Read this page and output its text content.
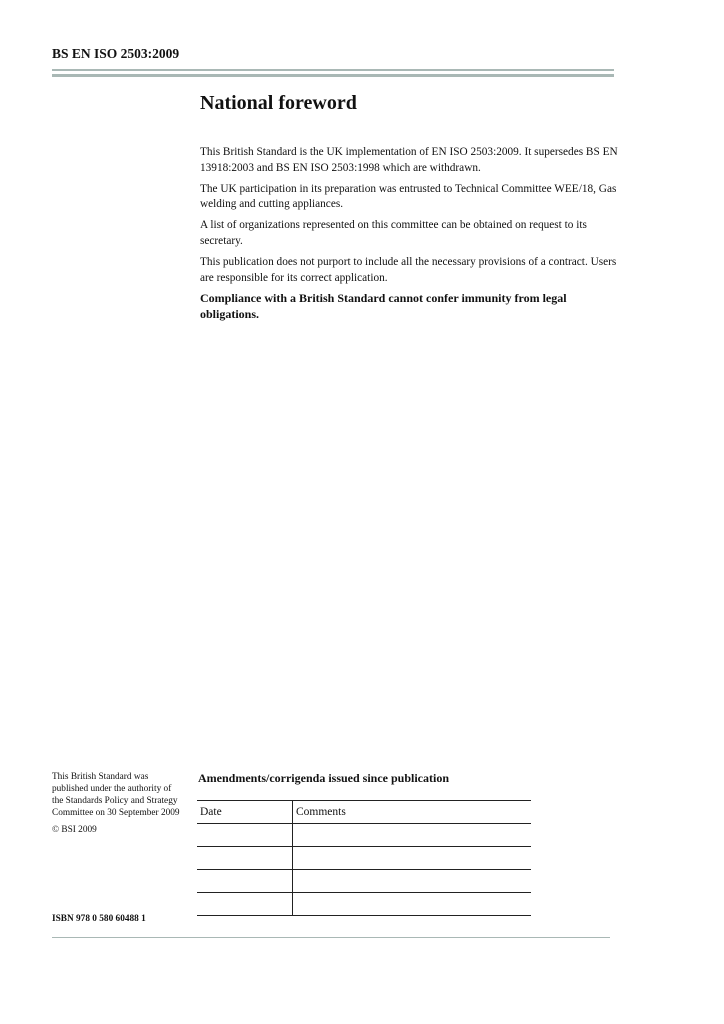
BS EN ISO 2503:2009
National foreword

This British Standard is the UK implementation of EN ISO 2503:2009. It supersedes BS EN 13918:2003 and BS EN ISO 2503:1998 which are withdrawn.

The UK participation in its preparation was entrusted to Technical Committee WEE/18, Gas welding and cutting appliances.

A list of organizations represented on this committee can be obtained on request to its secretary.

This publication does not purport to include all the necessary provisions of a contract. Users are responsible for its correct application.

Compliance with a British Standard cannot confer immunity from legal obligations.

This British Standard was published under the authority of the Standards Policy and Strategy Committee on 30 September 2009

© BSI 2009

ISBN 978 0 580 60488 1
Amendments/corrigenda issued since publication
Date	Comments
